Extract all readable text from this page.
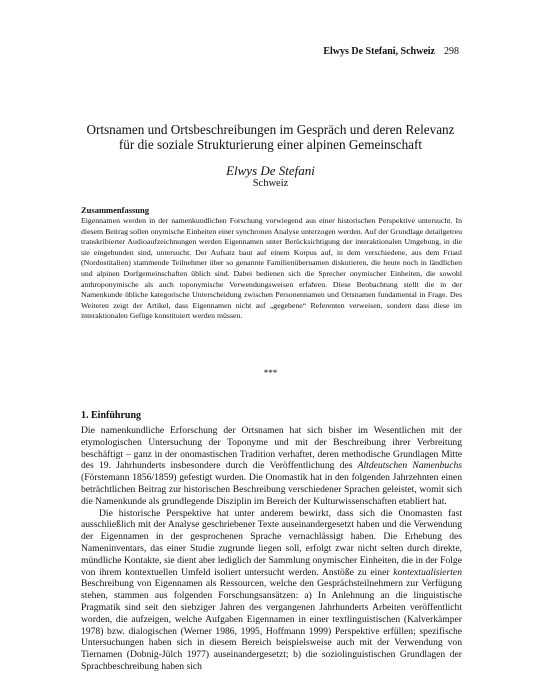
Elwys De Stefani, Schweiz 298
Ortsnamen und Ortsbeschreibungen im Gespräch und deren Relevanz
für die soziale Strukturierung einer alpinen Gemeinschaft
Elwys De Stefani
Schweiz
Zusammenfassung
Eigennamen werden in der namenkundlichen Forschung vorwiegend aus einer historischen Perspektive untersucht. In diesem Beitrag sollen onymische Einheiten einer synchronen Analyse unterzogen werden. Auf der Grundlage detailgetreu transkribierter Audioaufzeichnungen werden Eigennamen unter Berücksichtigung der interaktionalen Umgebung, in die sie eingebunden sind, untersucht. Der Aufsatz baut auf einem Korpus auf, in dem verschiedene, aus dem Friaul (Nordostitalien) stammende Teilnehmer über so genannte Familienübernamen diskutieren, die heute noch in ländlichen und alpinen Dorfgemeinschaften üblich sind. Dabei bedienen sich die Sprecher onymischer Einheiten, die sowohl anthroponymische als auch toponymische Verwendungsweisen erfahren. Diese Beobachtung stellt die in der Namenkunde übliche kategorische Unterscheidung zwischen Personennamen und Ortsnamen fundamental in Frage. Des Weiteren zeigt der Artikel, dass Eigennamen nicht auf „gegebene“ Referenten verweisen, sondern dass diese im interaktionalen Gefüge konstituiert werden müssen.
***
1. Einführung

Die namenkundliche Erforschung der Ortsnamen hat sich bisher im Wesentlichen mit der etymologischen Untersuchung der Toponyme und mit der Beschreibung ihrer Verbreitung beschäftigt – ganz in der onomastischen Tradition verhaftet, deren methodische Grundlagen Mitte des 19. Jahrhunderts insbesondere durch die Veröffentlichung des Altdeutschen Namenbuchs (Förstemann 1856/1859) gefestigt wurden. Die Onomastik hat in den folgenden Jahrzehnten einen beträchtlichen Beitrag zur historischen Beschreibung verschiedener Sprachen geleistet, womit sich die Namenkunde als grundlegende Disziplin im Bereich der Kulturwissenschaften etabliert hat.

Die historische Perspektive hat unter anderem bewirkt, dass sich die Onomasten fast ausschließlich mit der Analyse geschriebener Texte auseinandergesetzt haben und die Verwendung der Eigennamen in der gesprochenen Sprache vernachlässigt haben. Die Erhebung des Nameninventars, das einer Studie zugrunde liegen soll, erfolgt zwar nicht selten durch direkte, mündliche Kontakte, sie dient aber lediglich der Sammlung onymischer Einheiten, die in der Folge von ihrem kontextuellen Umfeld isoliert untersucht werden. Anstöße zu einer kontextualisierten Beschreibung von Eigennamen als Ressourcen, welche den Gesprächsteilnehmern zur Verfügung stehen, stammen aus folgenden Forschungsansätzen: a) In Anlehnung an die linguistische Pragmatik sind seit den siebziger Jahren des vergangenen Jahrhunderts Arbeiten veröffentlicht worden, die aufzeigen, welche Aufgaben Eigennamen in einer textlinguistischen (Kalverkämper 1978) bzw. dialogischen (Werner 1986, 1995, Hoffmann 1999) Perspektive erfüllen; spezifische Untersuchungen haben sich in diesem Bereich beispielsweise auch mit der Verwendung von Tiernamen (Dobnig-Jülch 1977) auseinandergesetzt; b) die soziolinguistischen Grundlagen der Sprachbeschreibung haben sich
